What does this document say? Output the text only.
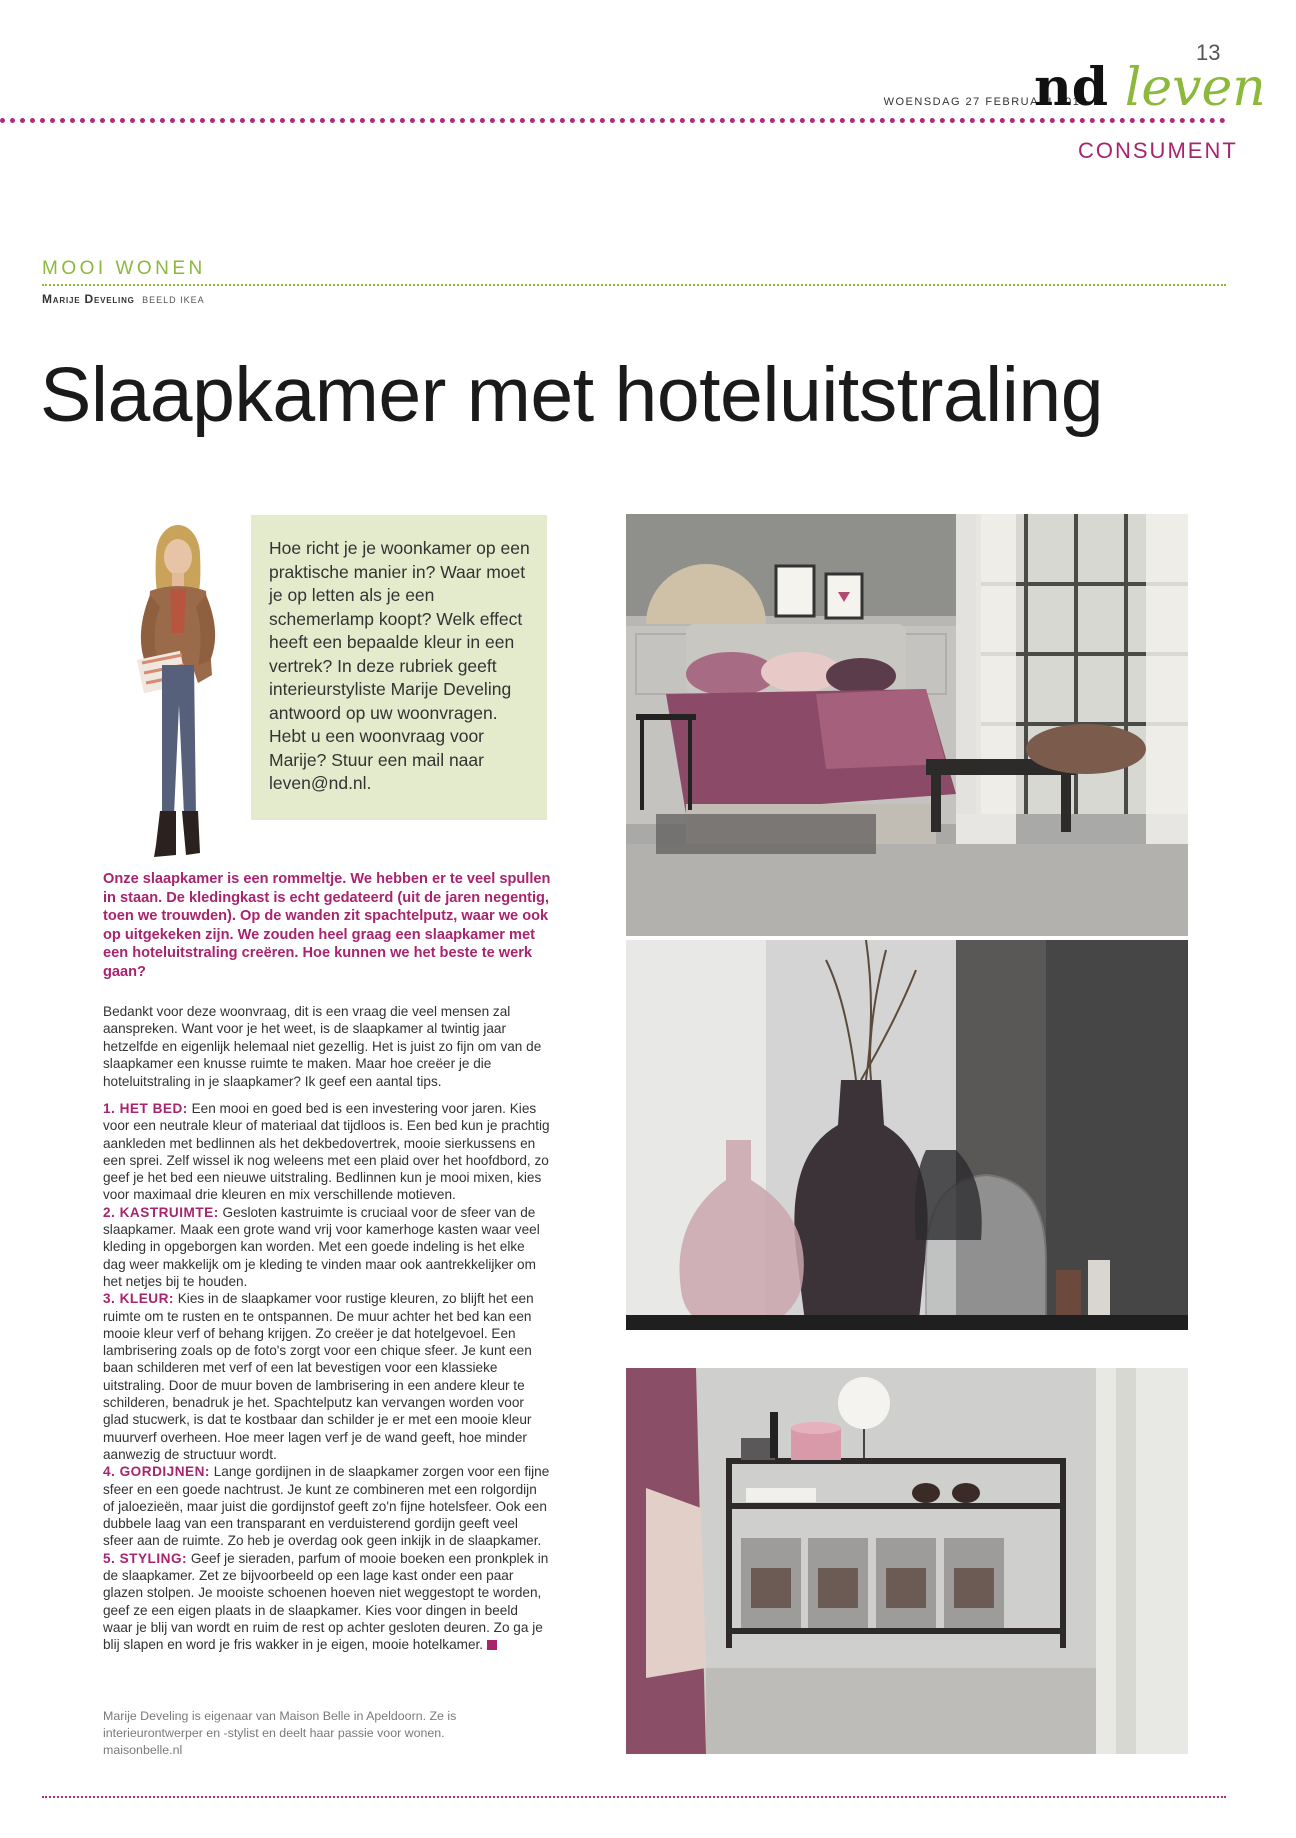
13
WOENSDAG 27 FEBRUARI 2019
nd leven
CONSUMENT
MOOI WONEN
Marije Develing BEELD IKEA
Slaapkamer met hoteluitstraling
Hoe richt je je woonkamer op een praktische manier in? Waar moet je op letten als je een schemerlamp koopt? Welk effect heeft een bepaalde kleur in een vertrek? In deze rubriek geeft interieurstyliste Marije Develing antwoord op uw woonvragen. Hebt u een woonvraag voor Marije? Stuur een mail naar leven@nd.nl.
Onze slaapkamer is een rommeltje. We hebben er te veel spullen in staan. De kledingkast is echt gedateerd (uit de jaren negentig, toen we trouwden). Op de wanden zit spachtelputz, waar we ook op uitgekeken zijn. We zouden heel graag een slaapkamer met een hoteluitstraling creëren. Hoe kunnen we het beste te werk gaan?
Bedankt voor deze woonvraag, dit is een vraag die veel mensen zal aanspreken. Want voor je het weet, is de slaapkamer al twintig jaar hetzelfde en eigenlijk helemaal niet gezellig. Het is juist zo fijn om van de slaapkamer een knusse ruimte te maken. Maar hoe creëer je die hoteluitstraling in je slaapkamer? Ik geef een aantal tips.

1. HET BED: Een mooi en goed bed is een investering voor jaren. Kies voor een neutrale kleur of materiaal dat tijdloos is. Een bed kun je prachtig aankleden met bedlinnen als het dekbedovertrek, mooie sierkussens en een sprei. Zelf wissel ik nog weleens met een plaid over het hoofdbord, zo geef je het bed een nieuwe uitstraling. Bedlinnen kun je mooi mixen, kies voor maximaal drie kleuren en mix verschillende motieven.

2. KASTRUIMTE: Gesloten kastruimte is cruciaal voor de sfeer van de slaapkamer. Maak een grote wand vrij voor kamerhoge kasten waar veel kleding in opgeborgen kan worden. Met een goede indeling is het elke dag weer makkelijk om je kleding te vinden maar ook aantrekkelijker om het netjes bij te houden.

3. KLEUR: Kies in de slaapkamer voor rustige kleuren, zo blijft het een ruimte om te rusten en te ontspannen. De muur achter het bed kan een mooie kleur verf of behang krijgen. Zo creëer je dat hotelgevoel. Een lambrisering zoals op de foto's zorgt voor een chique sfeer. Je kunt een baan schilderen met verf of een lat bevestigen voor een klassieke uitstraling. Door de muur boven de lambrisering in een andere kleur te schilderen, benadruk je het. Spachtelputz kan vervangen worden voor glad stucwerk, is dat te kostbaar dan schilder je er met een mooie kleur muurverf overheen. Hoe meer lagen verf je de wand geeft, hoe minder aanwezig de structuur wordt.

4. GORDIJNEN: Lange gordijnen in de slaapkamer zorgen voor een fijne sfeer en een goede nachtrust. Je kunt ze combineren met een rolgordijn of jaloezieën, maar juist die gordijnstof geeft zo'n fijne hotelsfeer. Ook een dubbele laag van een transparant en verduisterend gordijn geeft veel sfeer aan de ruimte. Zo heb je overdag ook geen inkijk in de slaapkamer.

5. STYLING: Geef je sieraden, parfum of mooie boeken een pronkplek in de slaapkamer. Zet ze bijvoorbeeld op een lage kast onder een paar glazen stolpen. Je mooiste schoenen hoeven niet weggestopt te worden, geef ze een eigen plaats in de slaapkamer. Kies voor dingen in beeld waar je blij van wordt en ruim de rest op achter gesloten deuren. Zo ga je blij slapen en word je fris wakker in je eigen, mooie hotelkamer.

Marije Develing is eigenaar van Maison Belle in Apeldoorn. Ze is interieurontwerper en -stylist en deelt haar passie voor wonen. maisonbelle.nl
